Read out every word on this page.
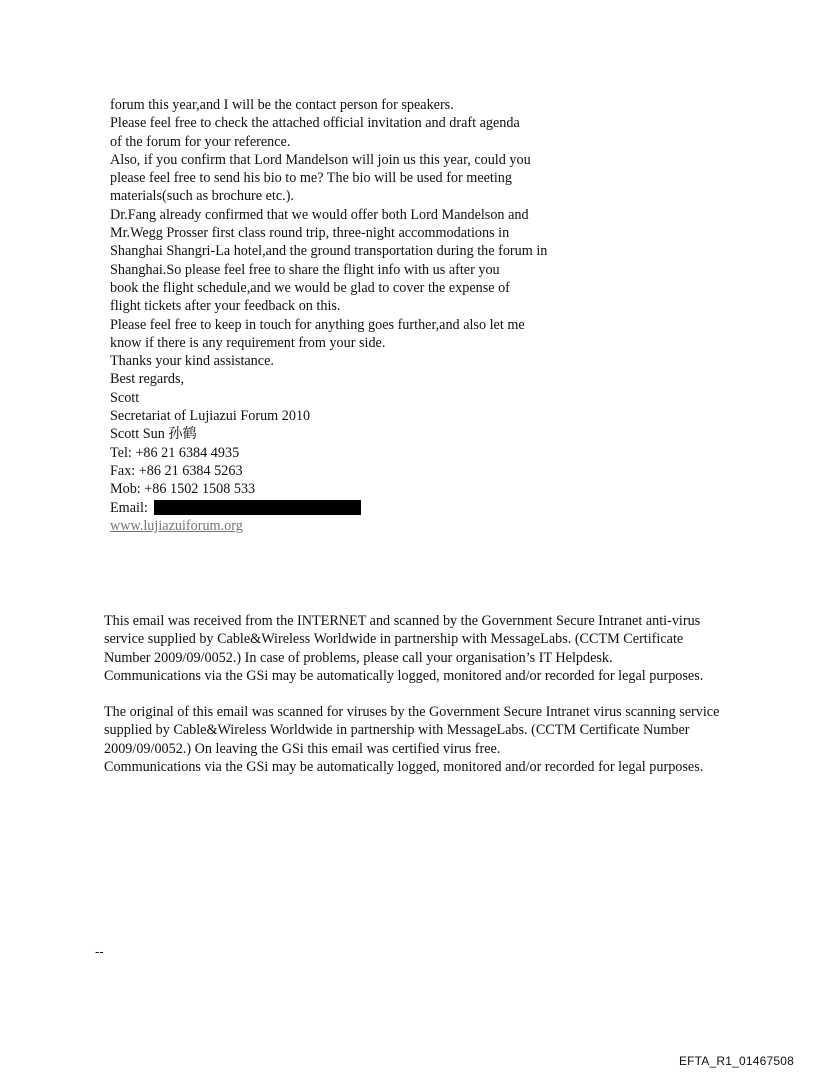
forum this year,and I will be the contact person for speakers.
Please feel free to check the attached official invitation and draft agenda
of the forum for your reference.
Also, if you confirm that Lord Mandelson will join us this year, could you
please feel free to send his bio to me? The bio will be used for meeting
materials(such as brochure etc.).
Dr.Fang already confirmed that we would offer both Lord Mandelson and
Mr.Wegg Prosser first class round trip, three-night accommodations in
Shanghai Shangri-La hotel,and the ground transportation during the forum in
Shanghai.So please feel free to share the flight info with us after you
book the flight schedule,and we would be glad to cover the expense of
flight tickets after your feedback on this.
Please feel free to keep in touch for anything goes further,and also let me
know if there is any requirement from your side.
Thanks your kind assistance.
Best regards,
Scott
Secretariat of Lujiazui Forum 2010
Scott Sun 孙鹤
Tel: +86 21 6384 4935
Fax: +86 21 6384 5263
Mob: +86 1502 1508 533
Email:
www.lujiazuiforum.org

This email was received from the INTERNET and scanned by the Government Secure Intranet anti-virus service supplied by Cable&Wireless Worldwide in partnership with MessageLabs. (CCTM Certificate Number 2009/09/0052.) In case of problems, please call your organisation’s IT Helpdesk.

Communications via the GSi may be automatically logged, monitored and/or recorded for legal purposes.

The original of this email was scanned for viruses by the Government Secure Intranet virus scanning service supplied by Cable&Wireless Worldwide in partnership with MessageLabs. (CCTM Certificate Number 2009/09/0052.) On leaving the GSi this email was certified virus free.

Communications via the GSi may be automatically logged, monitored and/or recorded for legal purposes.

--
EFTA_R1_01467508
